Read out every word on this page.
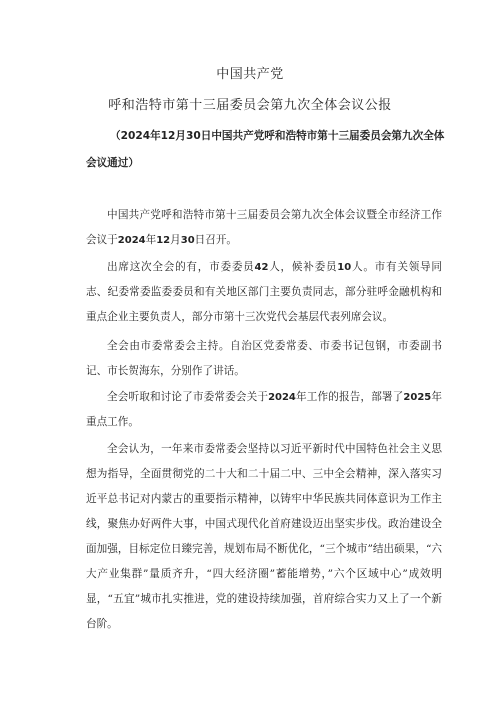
中国共产党
呼和浩特市第十三届委员会第九次全体会议公报
（2024年12月30日中国共产党呼和浩特市第十三届委员会第九次全体会议通过）

中国共产党呼和浩特市第十三届委员会第九次全体会议暨全市经济工作会议于2024年12月30日召开。

出席这次全会的有，市委委员42人，候补委员10人。市有关领导同志、纪委常委监委委员和有关地区部门主要负责同志，部分驻呼金融机构和重点企业主要负责人，部分市第十三次党代会基层代表列席会议。

全会由市委常委会主持。自治区党委常委、市委书记包钢，市委副书记、市长贺海东，分别作了讲话。

全会听取和讨论了市委常委会关于2024年工作的报告，部署了2025年重点工作。

全会认为，一年来市委常委会坚持以习近平新时代中国特色社会主义思想为指导，全面贯彻党的二十大和二十届二中、三中全会精神，深入落实习近平总书记对内蒙古的重要指示精神，以铸牢中华民族共同体意识为工作主线，聚焦办好两件大事，中国式现代化首府建设迈出坚实步伐。政治建设全面加强，目标定位日臻完善，规划布局不断优化，“三个城市”结出硕果，“六大产业集群”量质齐升，“四大经济圈”蓄能增势，”六个区域中心”成效明显，“五宜”城市扎实推进，党的建设持续加强，首府综合实力又上了一个新台阶。
